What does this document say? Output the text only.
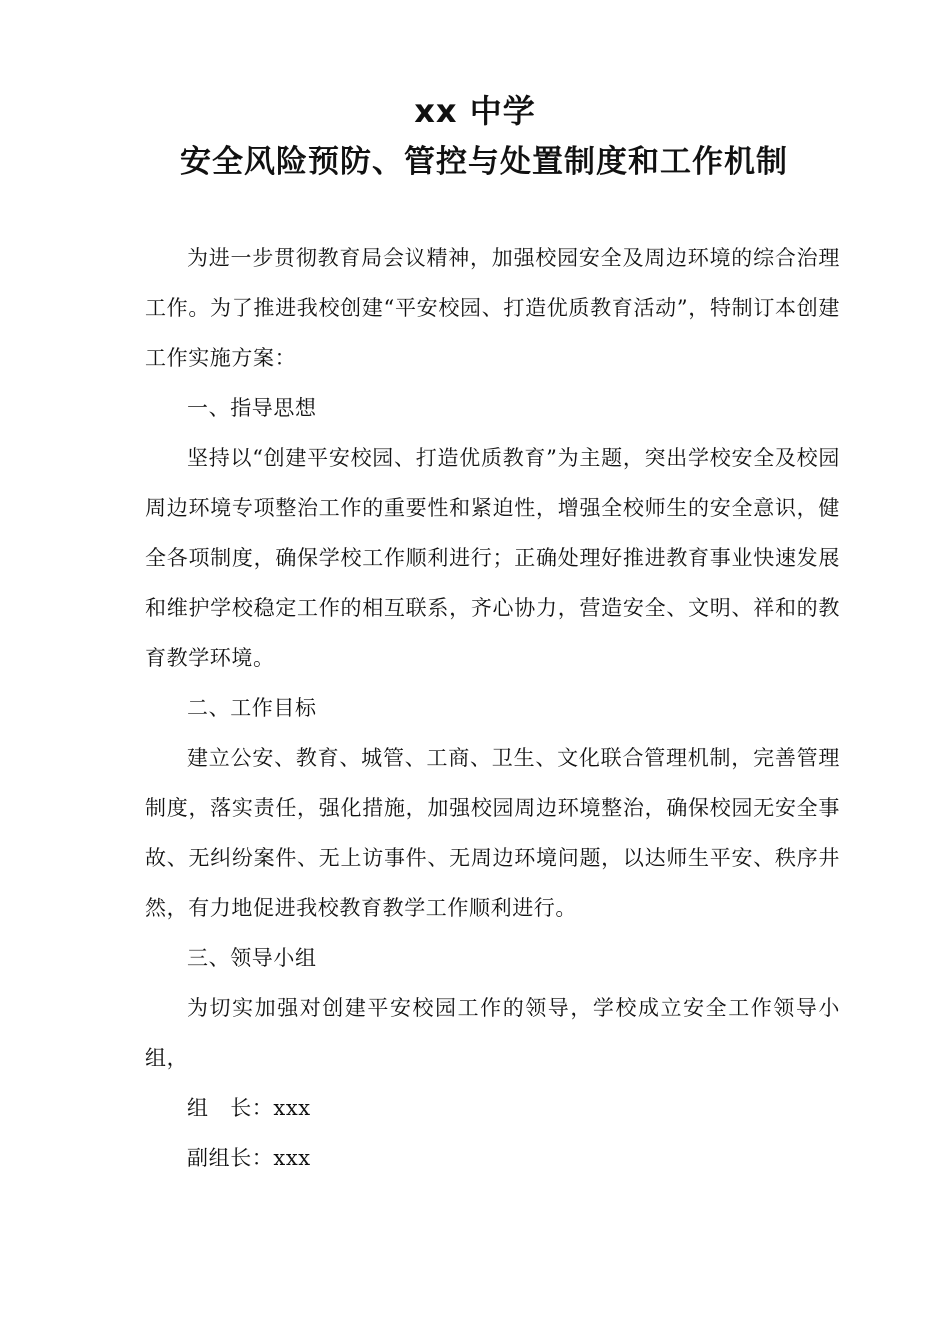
xx 中学
安全风险预防、管控与处置制度和工作机制

为进一步贯彻教育局会议精神，加强校园安全及周边环境的综合治理工作。为了推进我校创建“平安校园、打造优质教育活动”，特制订本创建工作实施方案：

一、指导思想

坚持以“创建平安校园、打造优质教育”为主题，突出学校安全及校园周边环境专项整治工作的重要性和紧迫性，增强全校师生的安全意识，健全各项制度，确保学校工作顺利进行；正确处理好推进教育事业快速发展和维护学校稳定工作的相互联系，齐心协力，营造安全、文明、祥和的教育教学环境。

二、工作目标

建立公安、教育、城管、工商、卫生、文化联合管理机制，完善管理制度，落实责任，强化措施，加强校园周边环境整治，确保校园无安全事故、无纠纷案件、无上访事件、无周边环境问题，以达师生平安、秩序井然，有力地促进我校教育教学工作顺利进行。

三、领导小组

为切实加强对创建平安校园工作的领导，学校成立安全工作领导小组，

组　长：xxx

副组长：xxx
